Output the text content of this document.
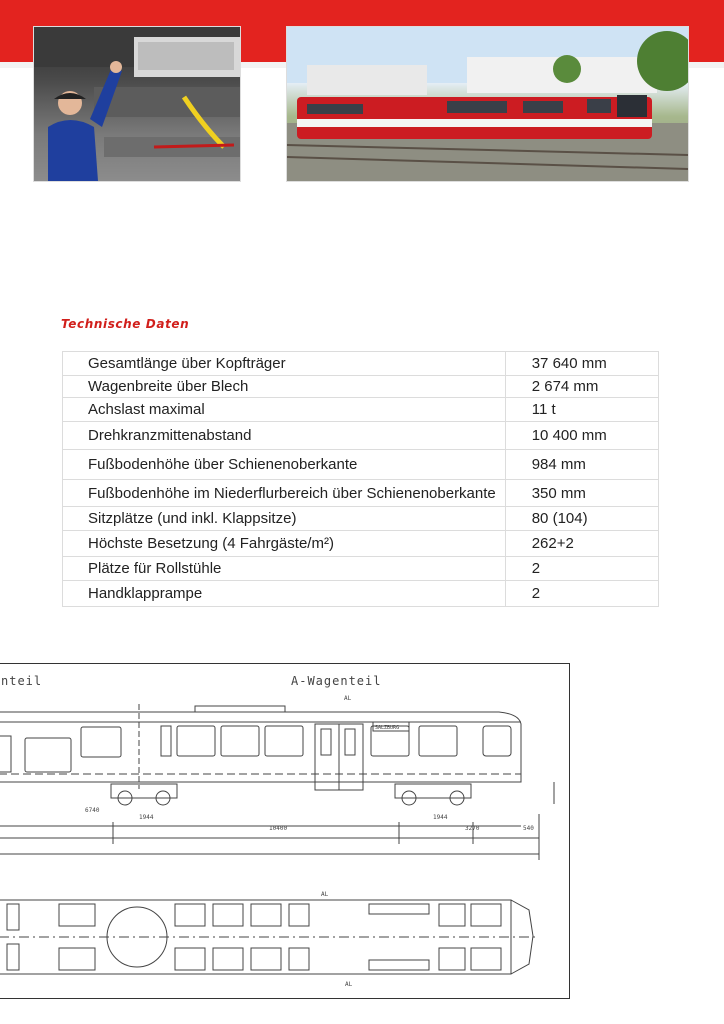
Technische Daten
Gesamtlänge über Kopfträger	37 640 mm
Wagenbreite über Blech	2 674 mm
Achslast maximal	11 t
Drehkranzmittenabstand	10 400 mm
Fußbodenhöhe über Schienenoberkante	984 mm
Fußbodenhöhe im Niederflurbereich über Schienenoberkante	350 mm
Sitzplätze (und inkl. Klappsitze)	80 (104)
Höchste Besetzung (4 Fahrgäste/m²)	262+2
Plätze für Rollstühle	2
Handklapprampe	2
nteil	A-Wagenteil
AL
SALZBURG
10400
1944	1944
3270	540
6740
AL
AL
